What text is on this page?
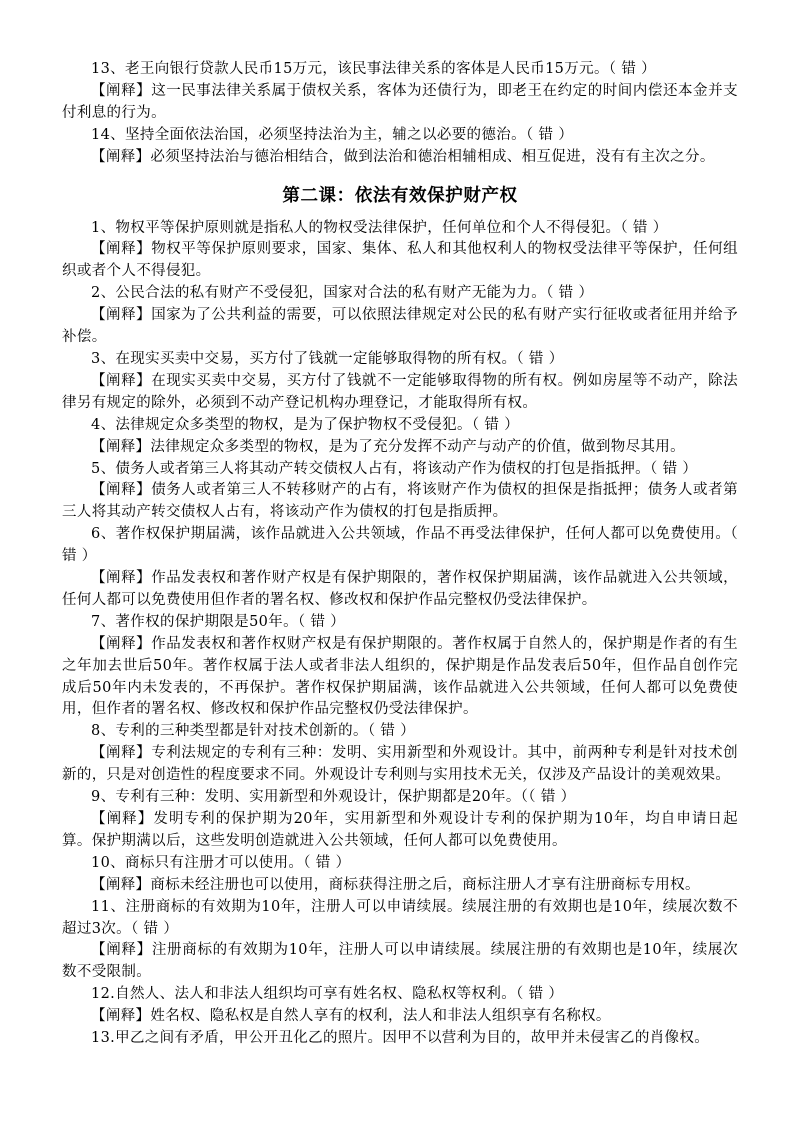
13、老王向银行贷款人民币15万元，该民事法律关系的客体是人民币15万元。（ 错 ）

【阐释】这一民事法律关系属于债权关系，客体为还债行为，即老王在约定的时间内偿还本金并支付利息的行为。

14、坚持全面依法治国，必须坚持法治为主，辅之以必要的德治。（ 错 ）

【阐释】必须坚持法治与德治相结合，做到法治和德治相辅相成、相互促进，没有有主次之分。

第二课：依法有效保护财产权

1、物权平等保护原则就是指私人的物权受法律保护，任何单位和个人不得侵犯。（ 错 ）

【阐释】物权平等保护原则要求，国家、集体、私人和其他权利人的物权受法律平等保护，任何组织或者个人不得侵犯。

2、公民合法的私有财产不受侵犯，国家对合法的私有财产无能为力。（ 错 ）

【阐释】国家为了公共利益的需要，可以依照法律规定对公民的私有财产实行征收或者征用并给予补偿。

3、在现实买卖中交易，买方付了钱就一定能够取得物的所有权。（ 错 ）

【阐释】在现实买卖中交易，买方付了钱就不一定能够取得物的所有权。例如房屋等不动产，除法律另有规定的除外，必须到不动产登记机构办理登记，才能取得所有权。

4、法律规定众多类型的物权，是为了保护物权不受侵犯。（ 错 ）

【阐释】法律规定众多类型的物权，是为了充分发挥不动产与动产的价值，做到物尽其用。

5、债务人或者第三人将其动产转交债权人占有，将该动产作为债权的打包是指抵押。（ 错 ）

【阐释】债务人或者第三人不转移财产的占有，将该财产作为债权的担保是指抵押；债务人或者第三人将其动产转交债权人占有，将该动产作为债权的打包是指质押。

6、著作权保护期届满，该作品就进入公共领域，作品不再受法律保护，任何人都可以免费使用。（ 错 ）

【阐释】作品发表权和著作财产权是有保护期限的，著作权保护期届满，该作品就进入公共领域，任何人都可以免费使用但作者的署名权、修改权和保护作品完整权仍受法律保护。

7、著作权的保护期限是50年。（ 错 ）

【阐释】作品发表权和著作权财产权是有保护期限的。著作权属于自然人的，保护期是作者的有生之年加去世后50年。著作权属于法人或者非法人组织的，保护期是作品发表后50年，但作品自创作完成后50年内未发表的，不再保护。著作权保护期届满，该作品就进入公共领域，任何人都可以免费使用，但作者的署名权、修改权和保护作品完整权仍受法律保护。

8、专利的三种类型都是针对技术创新的。（ 错 ）

【阐释】专利法规定的专利有三种：发明、实用新型和外观设计。其中，前两种专利是针对技术创新的，只是对创造性的程度要求不同。外观设计专利则与实用技术无关，仅涉及产品设计的美观效果。

9、专利有三种：发明、实用新型和外观设计，保护期都是20年。（（ 错 ）

【阐释】发明专利的保护期为20年，实用新型和外观设计专利的保护期为10年，均自申请日起算。保护期满以后，这些发明创造就进入公共领域，任何人都可以免费使用。

10、商标只有注册才可以使用。（ 错 ）

【阐释】商标未经注册也可以使用，商标获得注册之后，商标注册人才享有注册商标专用权。

11、注册商标的有效期为10年，注册人可以申请续展。续展注册的有效期也是10年，续展次数不超过3次。（ 错 ）

【阐释】注册商标的有效期为10年，注册人可以申请续展。续展注册的有效期也是10年，续展次数不受限制。

12.自然人、法人和非法人组织均可享有姓名权、隐私权等权利。（ 错 ）

【阐释】姓名权、隐私权是自然人享有的权利，法人和非法人组织享有名称权。

13.甲乙之间有矛盾，甲公开丑化乙的照片。因甲不以营利为目的，故甲并未侵害乙的肖像权。
